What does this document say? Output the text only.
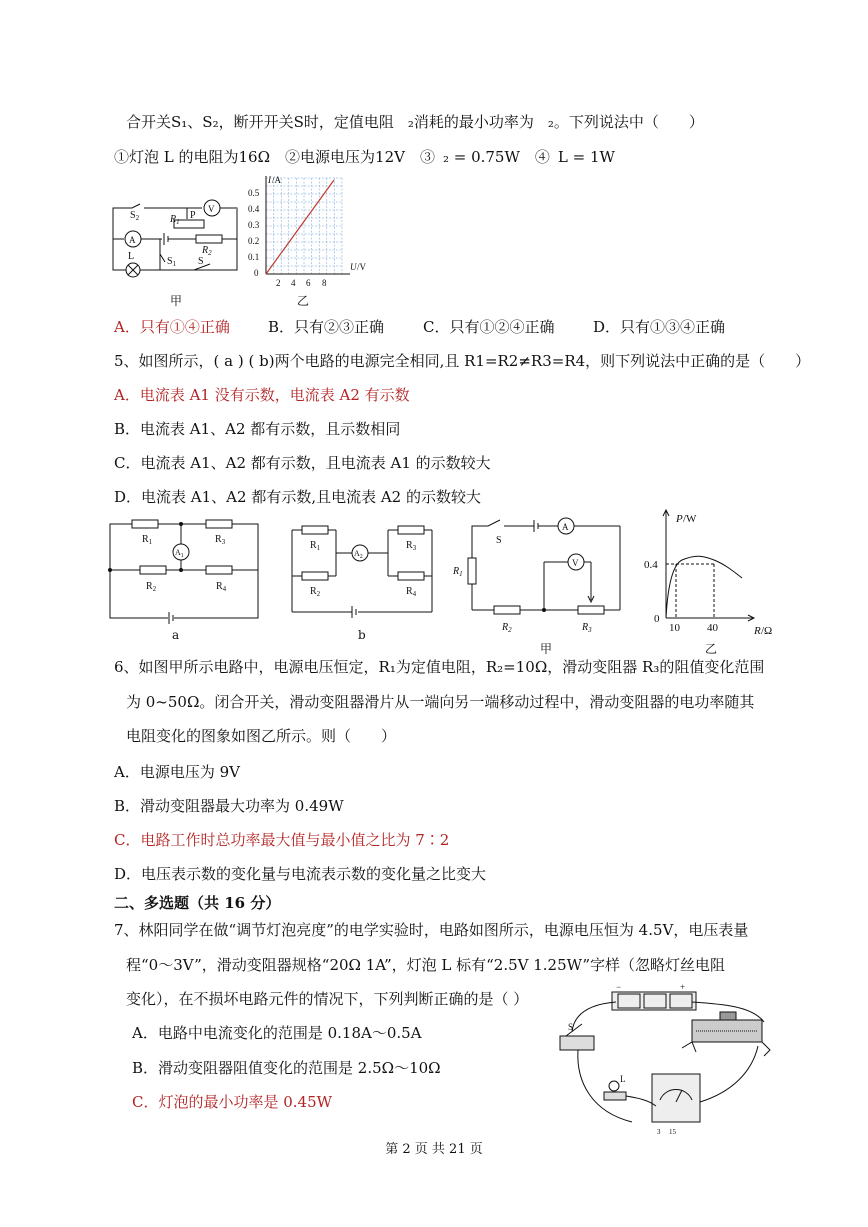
合开关S₁、S₂，断开开关S时，定值电阻 ₂消耗的最小功率为 ₂。下列说法中（　　）
①灯泡 L 的电阻为16Ω　②电源电压为12V　③ ₂ = 0.75W　④ L = 1W
$S_2$	$R_1$
P
V
A
$R_2$
L	$S_1$ S
甲
I /A
0.5
0.4
0.3
0.2
0.1
0
2 4 6 8
U /V
乙
A．只有①④正确	B．只有②③正确	C．只有①②④正确	D．只有①③④正确
5、如图所示，( a ) ( b)两个电路的电源完全相同,且 R1=R2≠R3=R4，则下列说法中正确的是（　　）
A．电流表 A1 没有示数，电流表 A2 有示数
B．电流表 A1、A2 都有示数，且示数相同
C．电流表 A1、A2 都有示数，且电流表 A1 的示数较大
D．电流表 A1、A2 都有示数,且电流表 A2 的示数较大
$R_1$	$R_3$
$A_1$
$R_2$	$R_4$
a
$R_1$
$R_2$
$A_2$
$R_3$
$R_4$
b
S
A
V
$R_1$
$R_2$	$R_3$
甲
P /W
0.4
0
10 40	R /Ω
乙
6、如图甲所示电路中，电源电压恒定，R₁为定值电阻，R₂=10Ω，滑动变阻器 R₃的阻值变化范围
为 0~50Ω。闭合开关，滑动变阻器滑片从一端向另一端移动过程中，滑动变阻器的电功率随其
电阻变化的图象如图乙所示。则（　　）
A．电源电压为 9V
B．滑动变阻器最大功率为 0.49W
C．电路工作时总功率最大值与最小值之比为 7∶2
D．电压表示数的变化量与电流表示数的变化量之比变大
二、多选题（共 16 分）
7、林阳同学在做“调节灯泡亮度”的电学实验时，电路如图所示，电源电压恒为 4.5V，电压表量
程“0～3V”，滑动变阻器规格“20Ω 1A”，灯泡 L 标有“2.5V 1.25W”字样（忽略灯丝电阻
变化），在不损坏电路元件的情况下，下列判断正确的是（ ）
A．电路中电流变化的范围是 0.18A～0.5A
B．滑动变阻器阻值变化的范围是 2.5Ω～10Ω
C．灯泡的最小功率是 0.45W
−	+
S
L
3 15
第 2 页 共 21 页
